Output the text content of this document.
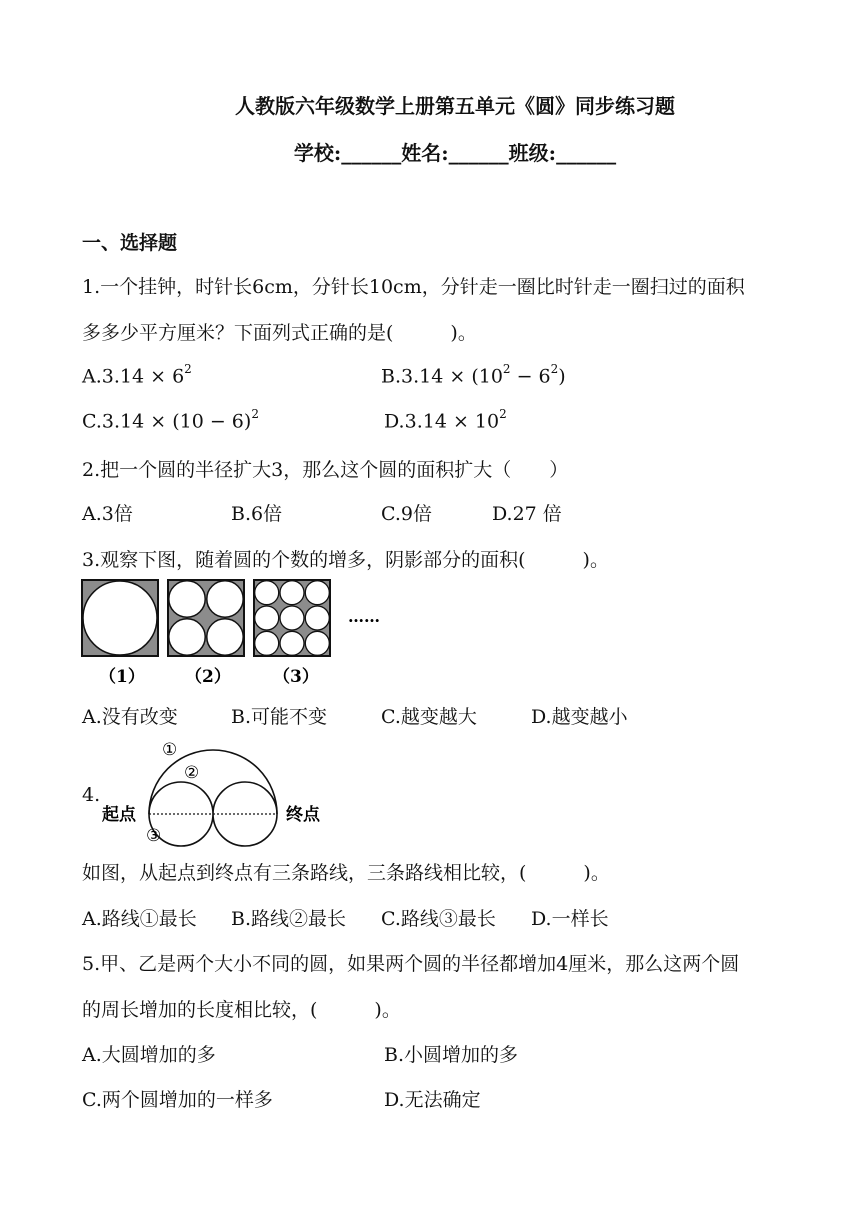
人教版六年级数学上册第五单元《圆》同步练习题
学校:______姓名:______班级:______
一、选择题
1.一个挂钟，时针长6cm，分针长10cm，分针走一圈比时针走一圈扫过的面积
多多少平方厘米？下面列式正确的是(　　　)。
$A.3.14 \times 6^2$	$B.3.14 \times (10^2 - 6^2)$
$C.3.14 \times (10 - 6)^2$	$D.3.14 \times 10^2$
2.把一个圆的半径扩大3，那么这个圆的面积扩大（　　）
A.3倍	B.6倍	C.9倍	D.27 倍
3.观察下图，随着圆的个数的增多，阴影部分的面积(　　　)。
……
（1） （2） （3）
A.没有改变	B.可能不变	C.越变越大	D.越变越小
4.
起点	终点
①
②
③
如图，从起点到终点有三条路线，三条路线相比较，(　　　)。
A.路线①最长 B.路线②最长 C.路线③最长 D.一样长
5.甲、乙是两个大小不同的圆，如果两个圆的半径都增加4厘米，那么这两个圆
的周长增加的长度相比较，(　　　)。
A.大圆增加的多	B.小圆增加的多
C.两个圆增加的一样多	D.无法确定
